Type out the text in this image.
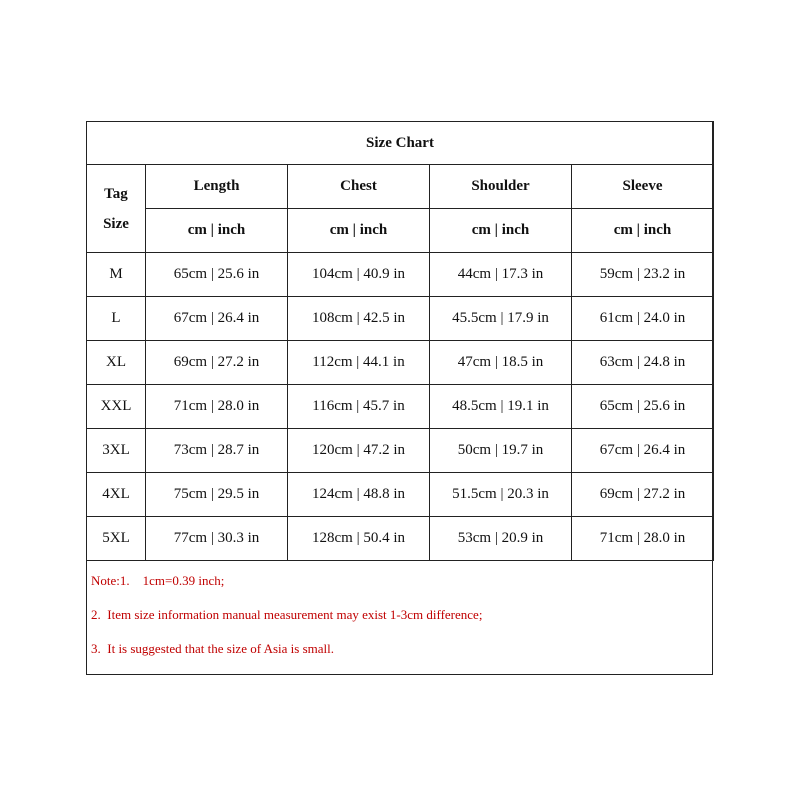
Size Chart				

Tag
Size	Length	Chest	Shoulder	Sleeve
	cm | inch	cm | inch	cm | inch	cm | inch
M	65cm | 25.6 in	104cm | 40.9 in	44cm | 17.3 in	59cm | 23.2 in
L	67cm | 26.4 in	108cm | 42.5 in	45.5cm | 17.9 in	61cm | 24.0 in
XL	69cm | 27.2 in	112cm | 44.1 in	47cm | 18.5 in	63cm | 24.8 in
XXL	71cm | 28.0 in	116cm | 45.7 in	48.5cm | 19.1 in	65cm | 25.6 in
3XL	73cm | 28.7 in	120cm | 47.2 in	50cm | 19.7 in	67cm | 26.4 in
4XL	75cm | 29.5 in	124cm | 48.8 in	51.5cm | 20.3 in	69cm | 27.2 in
5XL	77cm | 30.3 in	128cm | 50.4 in	53cm | 20.9 in	71cm | 28.0 in
Note:1.    1cm=0.39 inch;
2.  Item size information manual measurement may exist 1-3cm difference;
3.  It is suggested that the size of Asia is small.
